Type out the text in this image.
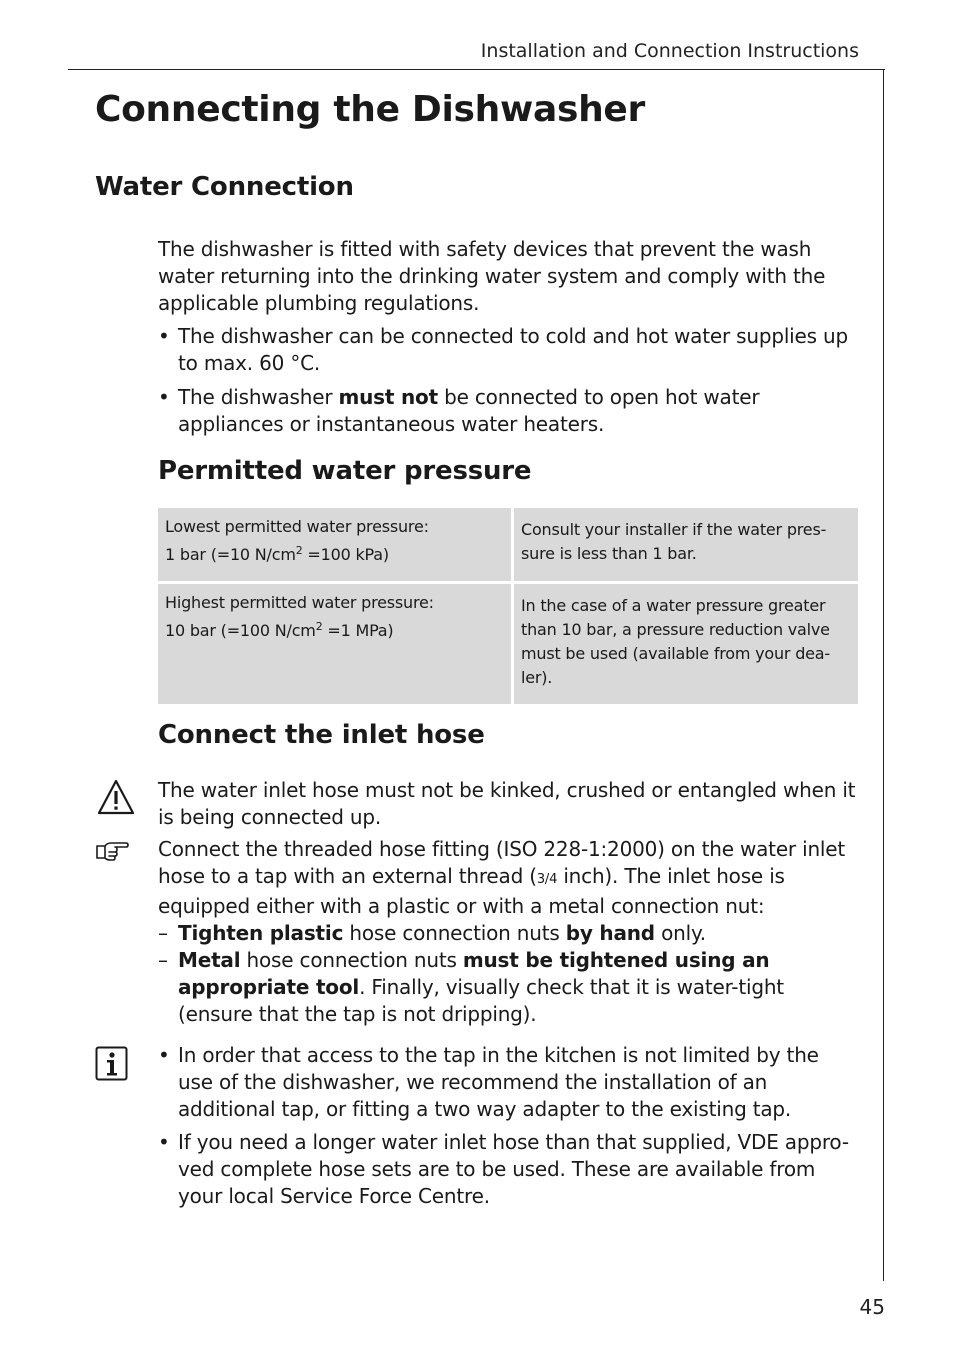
Installation and Connection Instructions
Connecting the Dishwasher
Water Connection

The dishwasher is fitted with safety devices that prevent the wash water returning into the drinking water system and comply with the applicable plumbing regulations.

• The dishwasher can be connected to cold and hot water supplies up to max. 60 °C.

• The dishwasher must not be connected to open hot water appliances or instantaneous water heaters.

Permitted water pressure
Lowest permitted water pressure:
1 bar (=10 $N/cm^2 =100$ kPa)	Consult your installer if the water pres-sure is less than 1 bar.

Highest permitted water pressure:
10 bar (=100 $N/cm^2 =1$ MPa)	In the case of a water pressure greater than 10 bar, a pressure reduction valve must be used (available from your dea-ler).
Connect the inlet hose

The water inlet hose must not be kinked, crushed or entangled when it is being connected up.

Connect the threaded hose fitting (ISO 228-1:2000) on the water inlet hose to a tap with an external thread (3/4 inch). The inlet hose is equipped either with a plastic or with a metal connection nut:
– Tighten plastic hose connection nuts by hand only.
– Metal hose connection nuts must be tightened using an appropriate tool. Finally, visually check that it is water-tight (ensure that the tap is not dripping).

• In order that access to the tap in the kitchen is not limited by the use of the dishwasher, we recommend the installation of an additional tap, or fitting a two way adapter to the existing tap.

• If you need a longer water inlet hose than that supplied, VDE appro-ved complete hose sets are to be used. These are available from your local Service Force Centre.

45
